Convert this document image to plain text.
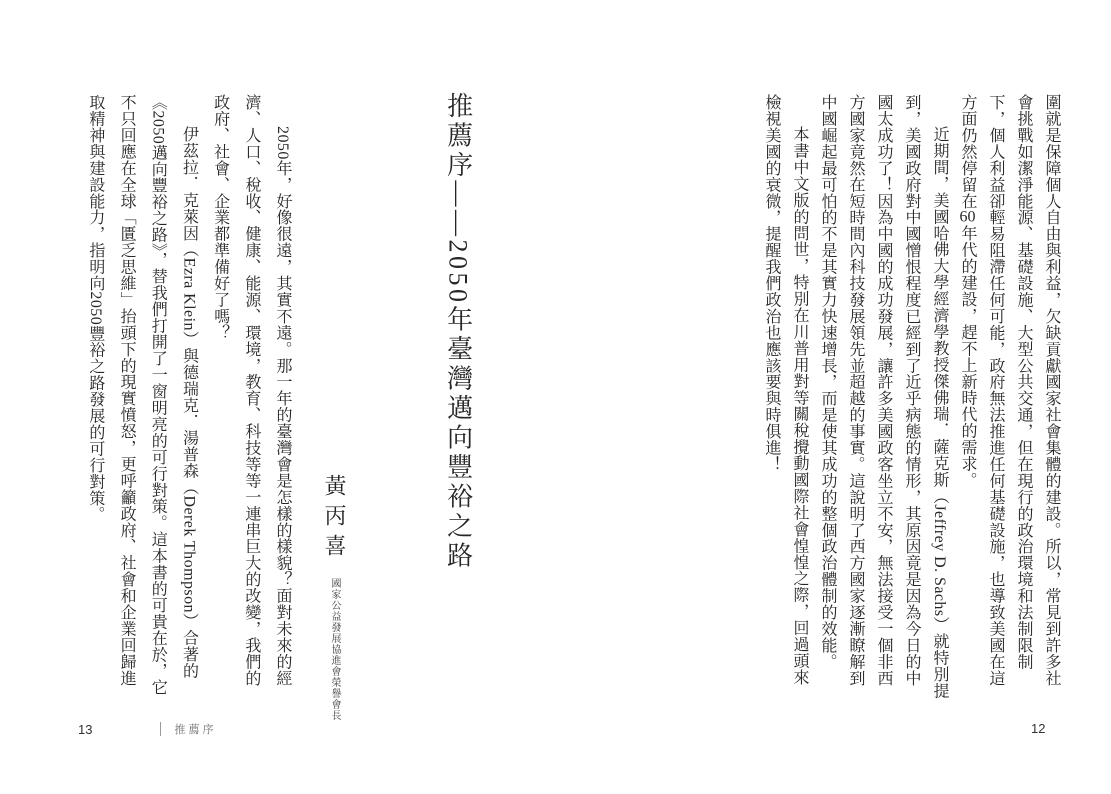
圍就是保障個人自由與利益，欠缺貢獻國家社會集體的建設。所以，常見到許多社會挑戰如潔淨能源、基礎設施、大型公共交通，但在現行的政治環境和法制限制下，個人利益卻輕易阻滯任何可能，政府無法推進任何基礎設施，也導致美國在這方面仍然停留在60年代的建設，趕不上新時代的需求。

近期間，美國哈佛大學經濟學教授傑佛瑞．薩克斯（Jeffrey D. Sachs）就特別提到，美國政府對中國憎恨程度已經到了近乎病態的情形，其原因竟是因為今日的中國太成功了！因為中國的成功發展，讓許多美國政客坐立不安，無法接受一個非西方國家竟然在短時間內科技發展領先並超越的事實。這說明了西方國家逐漸瞭解到中國崛起最可怕的不是其實力快速增長，而是使其成功的整個政治體制的效能。

本書中文版的問世，特別在川普用對等關稅攪動國際社會惶惶之際，回過頭來檢視美國的衰微，提醒我們政治也應該要與時俱進！

12
推薦序——2050年臺灣邁向豐裕之路
黃丙喜國家公益發展協進會榮譽會長

2050年，好像很遠，其實不遠。那一年的臺灣會是怎樣的樣貌？面對未來的經濟、人口、稅收、健康、能源、環境，教育、科技等等一連串巨大的改變，我們的政府、社會、企業都準備好了嗎？

伊茲拉．克萊因（Ezra Klein）與德瑞克．湯普森（Derek Thompson）合著的《2050邁向豐裕之路》，替我們打開了一窗明亮的可行對策。這本書的可貴在於，它不只回應在全球「匱乏思維」抬頭下的現實憤怒，更呼籲政府、社會和企業回歸進取精神與建設能力，指明向2050豐裕之路發展的可行對策。

13	推薦序
